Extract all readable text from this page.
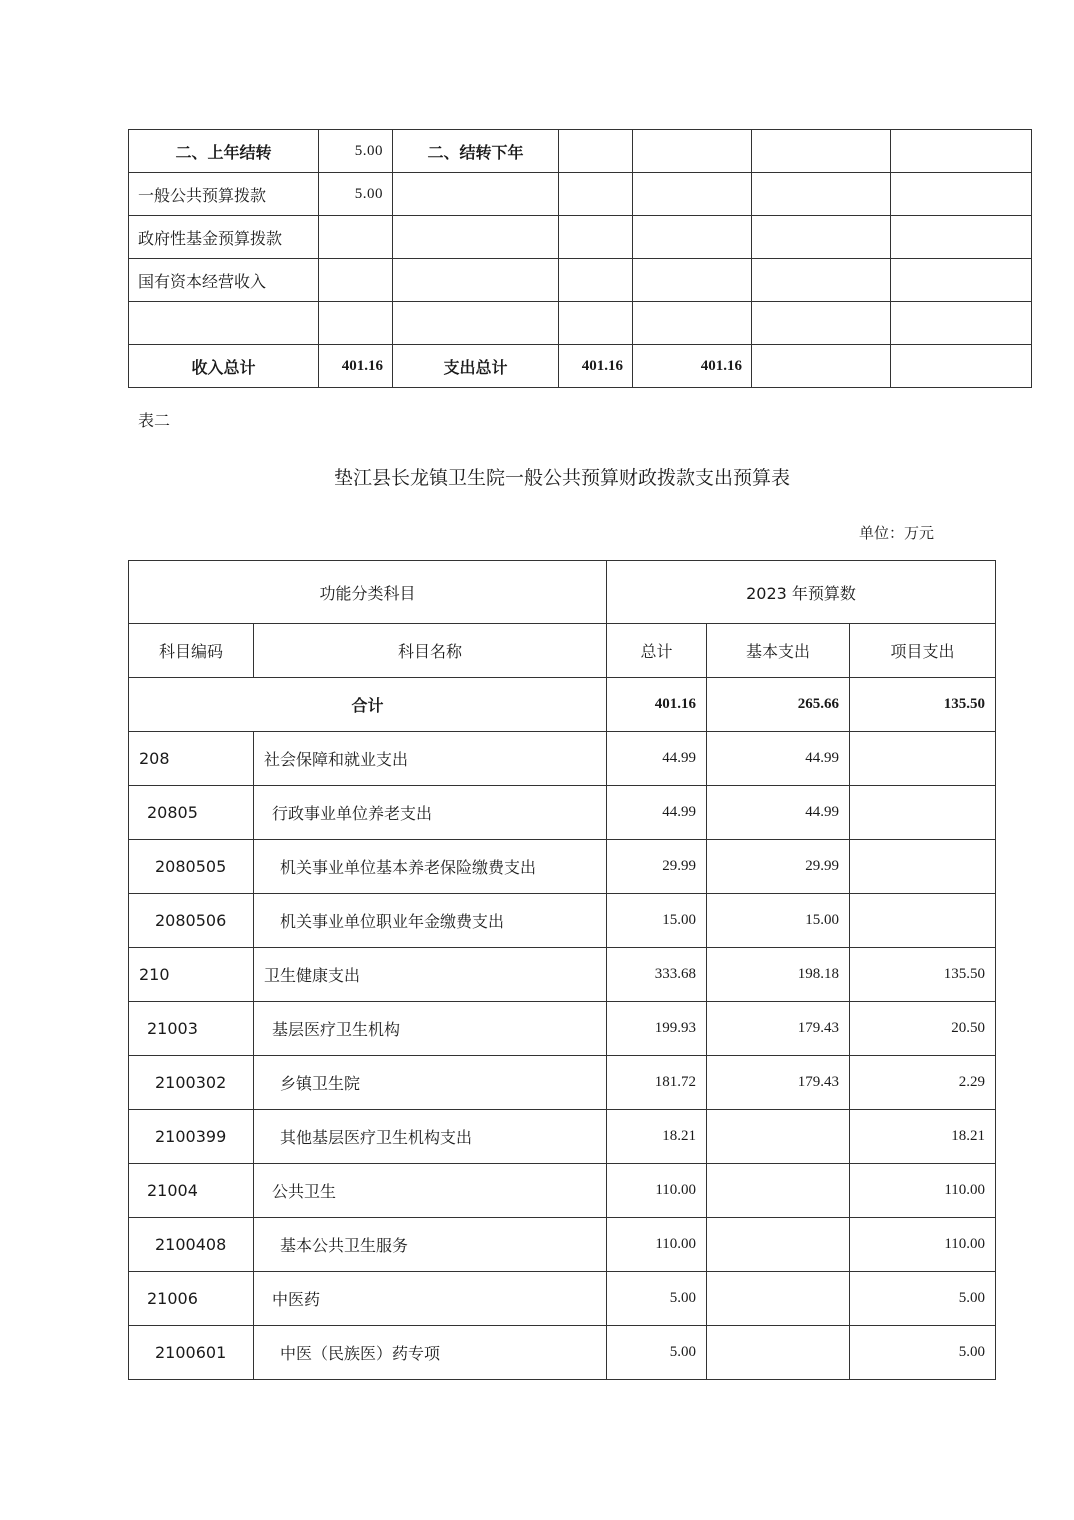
二、上年结转	5.00	二、结转下年				
一般公共预算拨款	5.00					
政府性基金预算拨款						
国有资本经营收入						

收入总计	401.16	支出总计	401.16	401.16		
表二
垫江县长龙镇卫生院一般公共预算财政拨款支出预算表
单位：万元
功能分类科目		2023 年预算数		
科目编码	科目名称	总计	基本支出	项目支出
合计		401.16	265.66	135.50
208	社会保障和就业支出	44.99	44.99	
20805	行政事业单位养老支出	44.99	44.99	
2080505	机关事业单位基本养老保险缴费支出	29.99	29.99	
2080506	机关事业单位职业年金缴费支出	15.00	15.00	
210	卫生健康支出	333.68	198.18	135.50
21003	基层医疗卫生机构	199.93	179.43	20.50
2100302	乡镇卫生院	181.72	179.43	2.29
2100399	其他基层医疗卫生机构支出	18.21		18.21
21004	公共卫生	110.00		110.00
2100408	基本公共卫生服务	110.00		110.00
21006	中医药	5.00		5.00
2100601	中医（民族医）药专项	5.00		5.00
